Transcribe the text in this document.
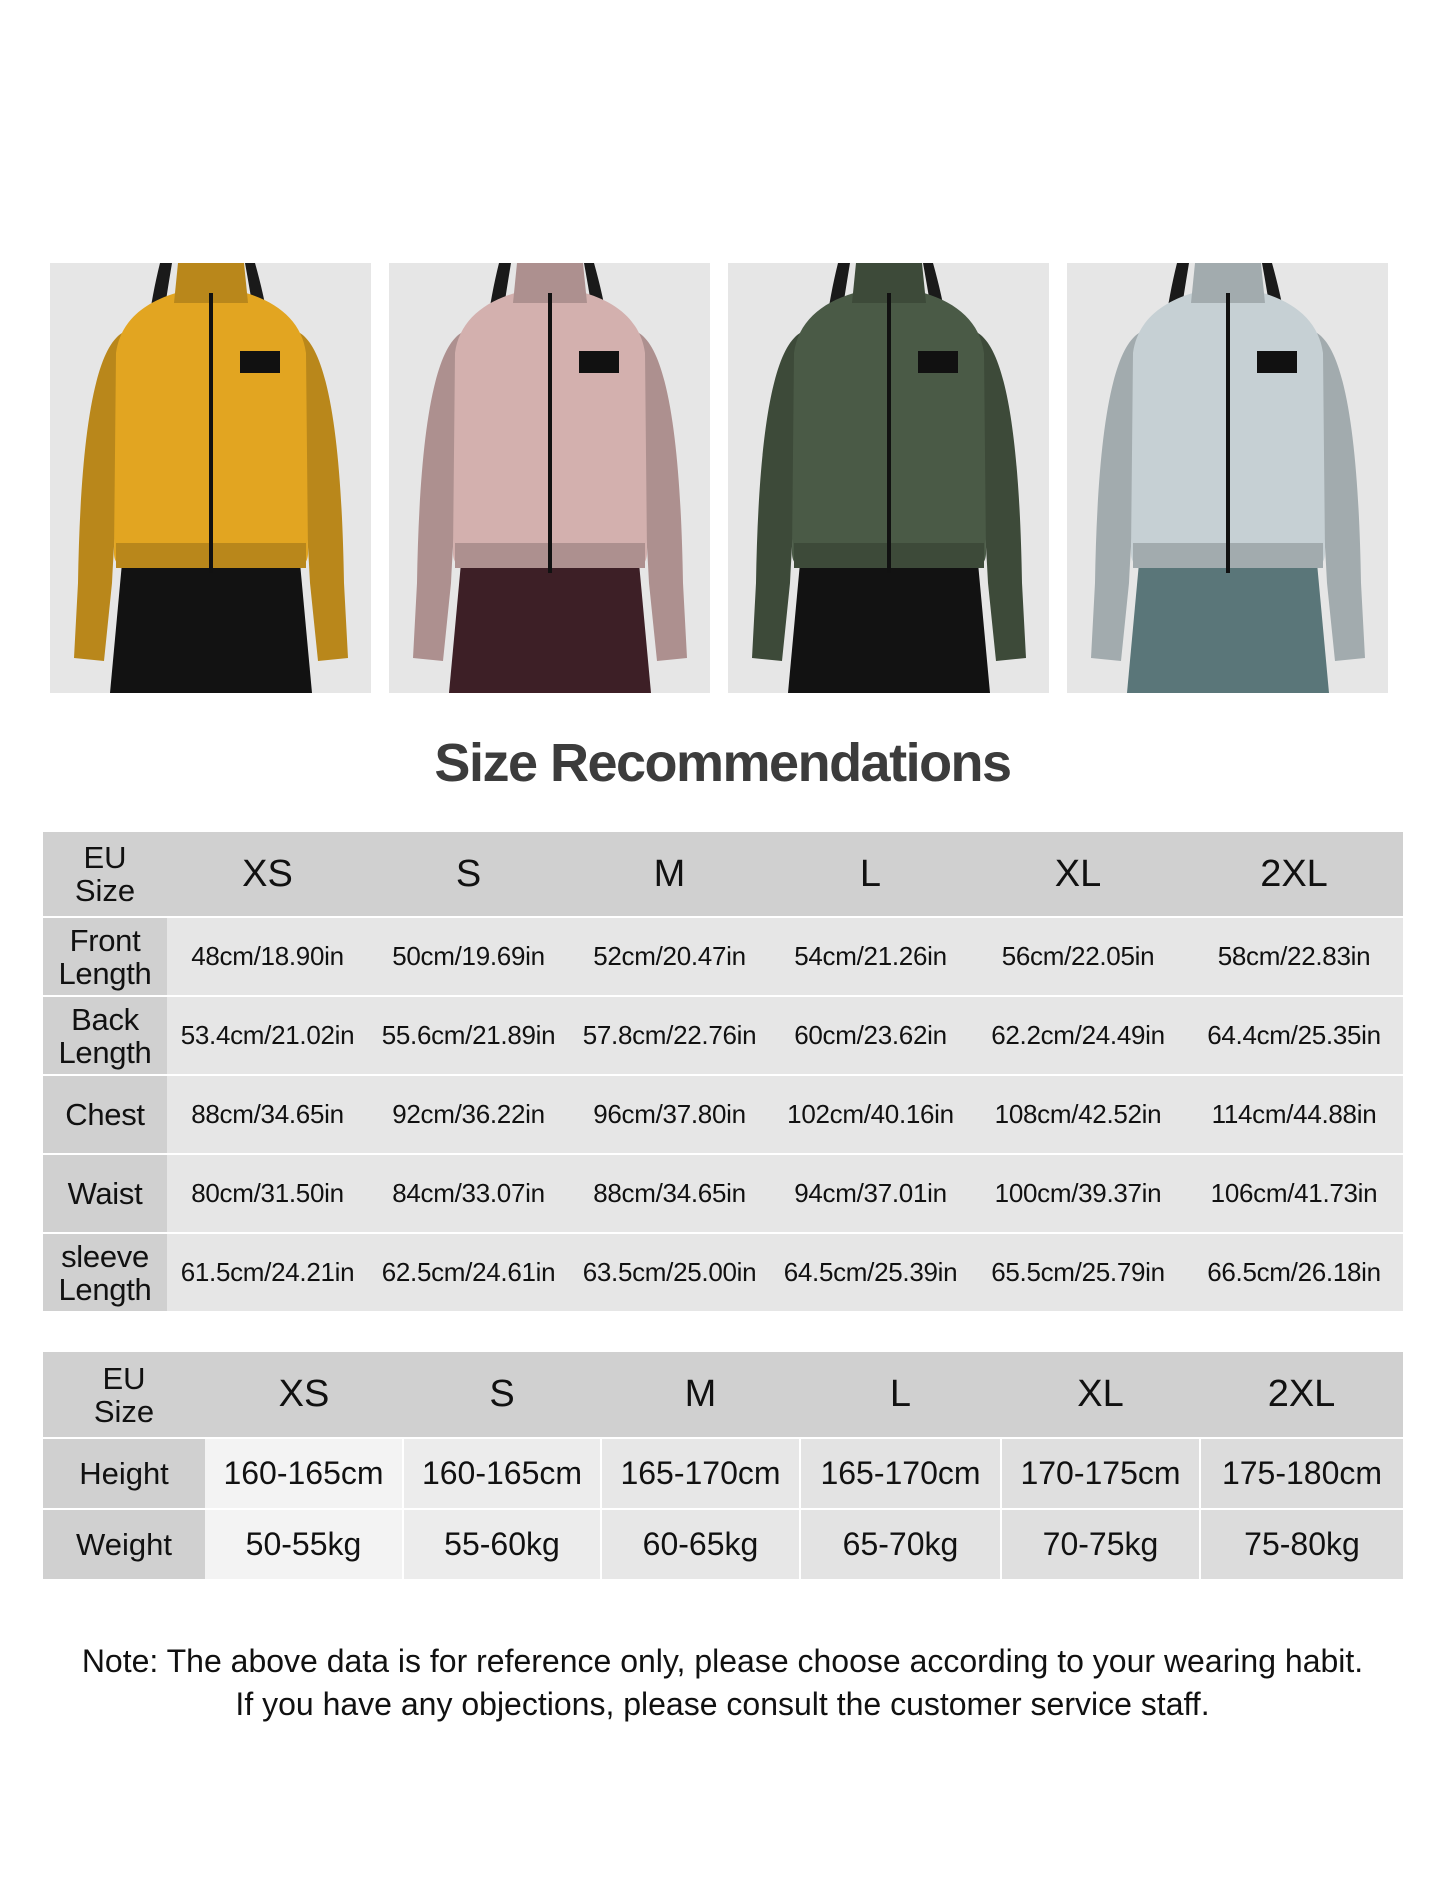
Size Recommendations
EU
Size	XS	S	M	L	XL	2XL
Front
Length	48cm/18.90in	50cm/19.69in	52cm/20.47in	54cm/21.26in	56cm/22.05in	58cm/22.83in
Back
Length	53.4cm/21.02in	55.6cm/21.89in	57.8cm/22.76in	60cm/23.62in	62.2cm/24.49in	64.4cm/25.35in
Chest	88cm/34.65in	92cm/36.22in	96cm/37.80in	102cm/40.16in	108cm/42.52in	114cm/44.88in
Waist	80cm/31.50in	84cm/33.07in	88cm/34.65in	94cm/37.01in	100cm/39.37in	106cm/41.73in
sleeve
Length	61.5cm/24.21in	62.5cm/24.61in	63.5cm/25.00in	64.5cm/25.39in	65.5cm/25.79in	66.5cm/26.18in
EU
Size	XS	S	M	L	XL	2XL
Height	160-165cm	160-165cm	165-170cm	165-170cm	170-175cm	175-180cm
Weight	50-55kg	55-60kg	60-65kg	65-70kg	70-75kg	75-80kg
Note: The above data is for reference only, please choose according to your wearing habit.
If you have any objections, please consult the customer service staff.
